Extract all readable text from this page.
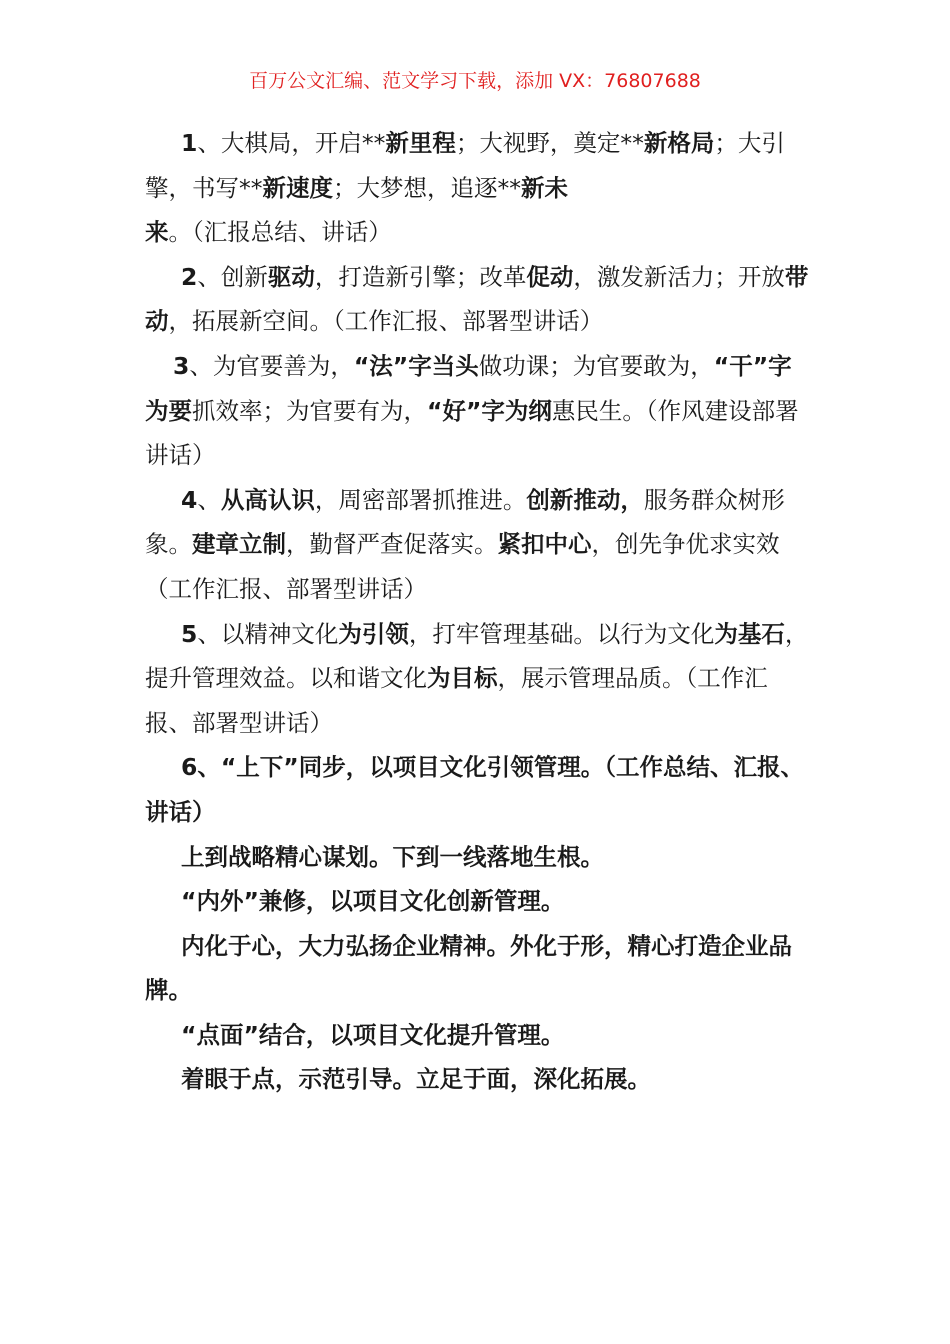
百万公文汇编、范文学习下载，添加 VX：76807688

1、大棋局，开启**新里程；大视野，奠定**新格局；大引擎，书写**新速度；大梦想，追逐**新未来。（汇报总结、讲话）

2、创新驱动，打造新引擎；改革促动，激发新活力；开放带动，拓展新空间。（工作汇报、部署型讲话）

3、为官要善为，“法”字当头做功课；为官要敢为，“干”字为要抓效率；为官要有为，“好”字为纲惠民生。（作风建设部署讲话）

4、从高认识，周密部署抓推进。创新推动，服务群众树形象。建章立制，勤督严查促落实。紧扣中心，创先争优求实效（工作汇报、部署型讲话）

5、以精神文化为引领，打牢管理基础。以行为文化为基石，提升管理效益。以和谐文化为目标，展示管理品质。（工作汇报、部署型讲话）

6、“上下”同步，以项目文化引领管理。（工作总结、汇报、讲话）

上到战略精心谋划。下到一线落地生根。

“内外”兼修，以项目文化创新管理。

内化于心，大力弘扬企业精神。外化于形，精心打造企业品牌。

“点面”结合，以项目文化提升管理。

着眼于点，示范引导。立足于面，深化拓展。
